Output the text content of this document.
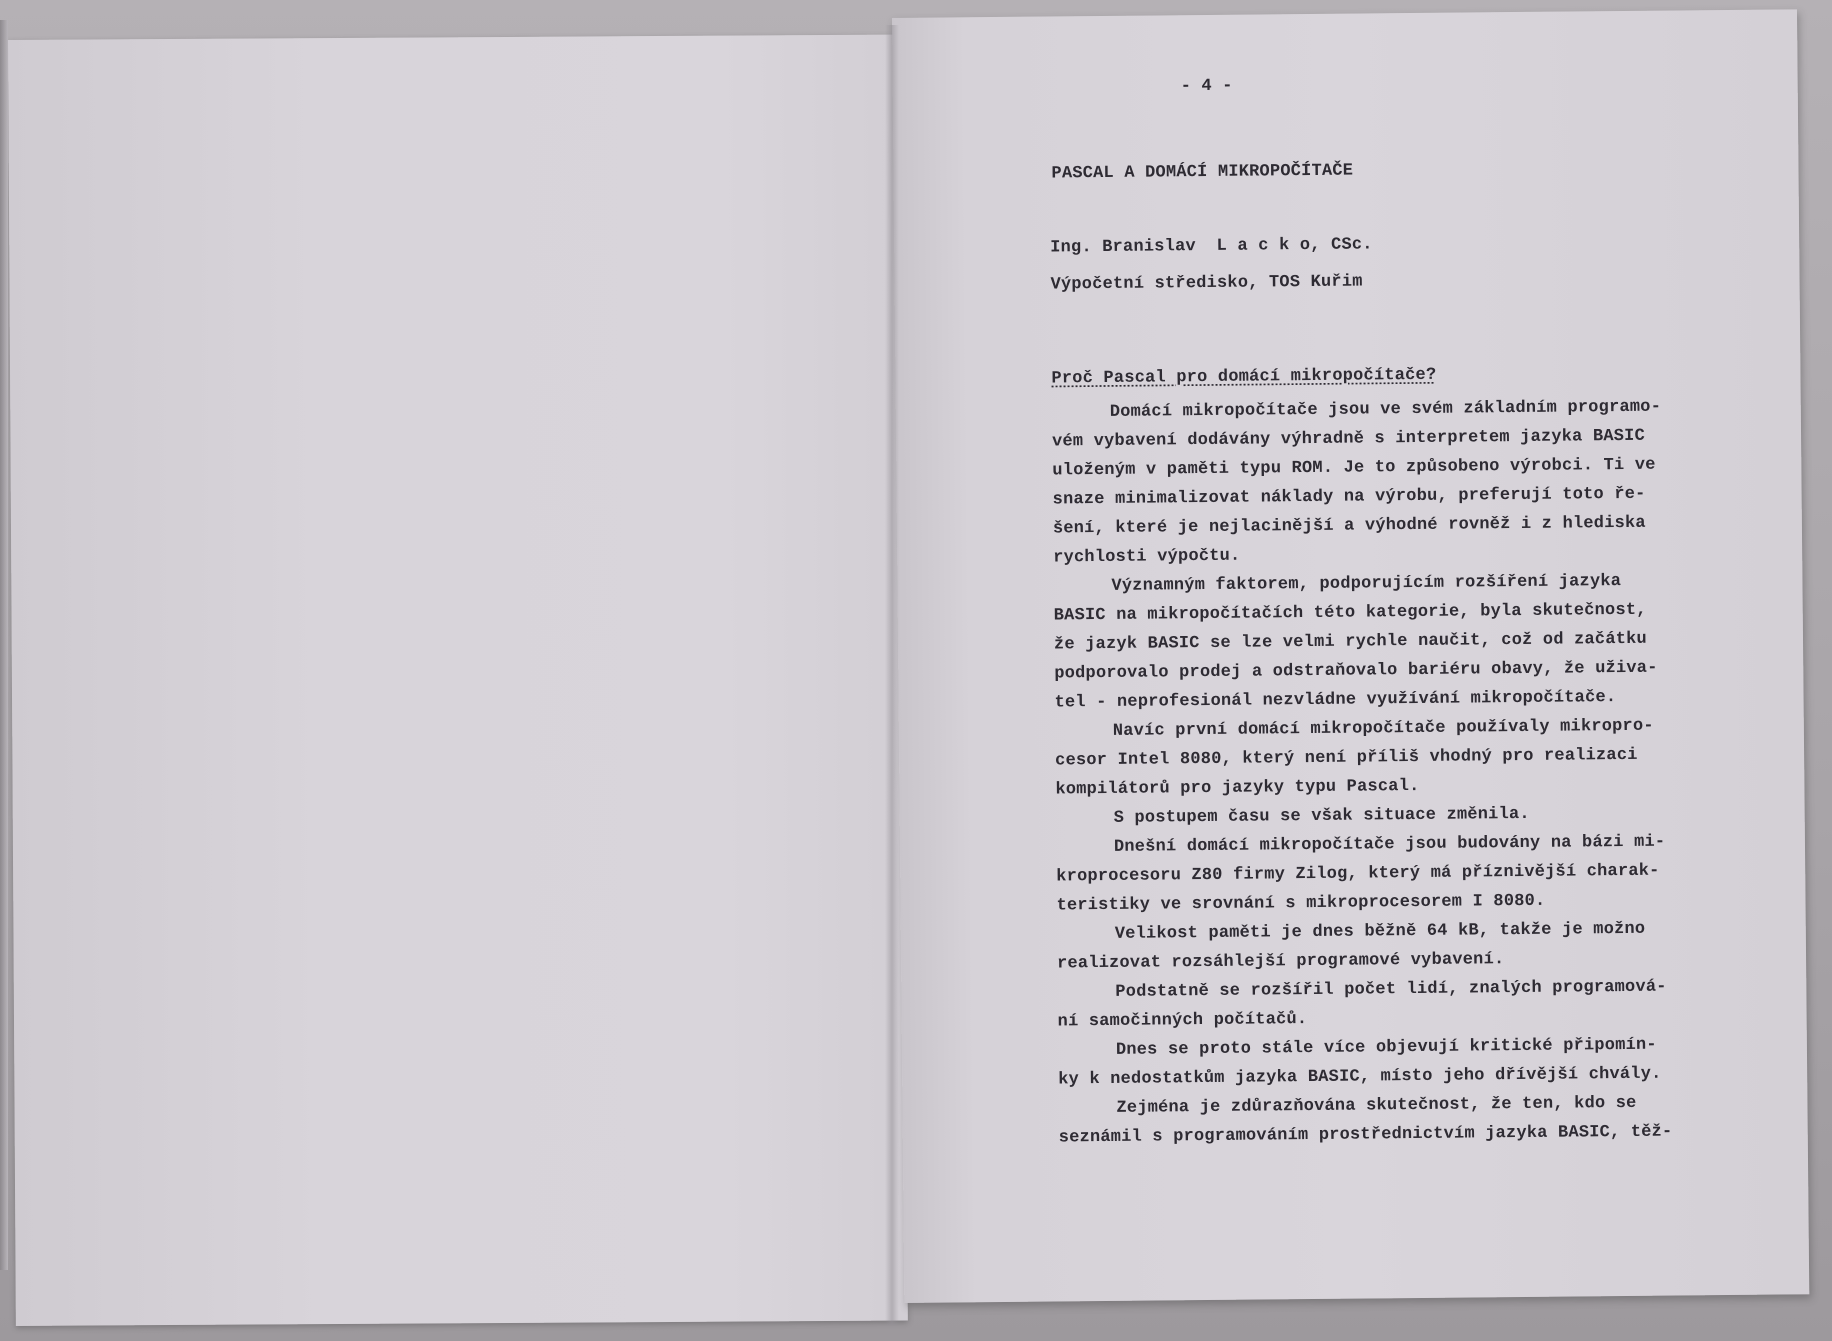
- 4 -
PASCAL A DOMÁCÍ MIKROPOČÍTAČE
Ing. Branislav  L a c k o, CSc.
Výpočetní středisko, TOS Kuřim
Proč Pascal pro domácí mikropočítače?
Domácí mikropočítače jsou ve svém základním programo-
vém vybavení dodávány výhradně s interpretem jazyka BASIC
uloženým v paměti typu ROM. Je to způsobeno výrobci. Ti ve
snaze minimalizovat náklady na výrobu, preferují toto ře-
šení, které je nejlacinější a výhodné rovněž i z hlediska
rychlosti výpočtu.
Významným faktorem, podporujícím rozšíření jazyka
BASIC na mikropočítačích této kategorie, byla skutečnost,
že jazyk BASIC se lze velmi rychle naučit, což od začátku
podporovalo prodej a odstraňovalo bariéru obavy, že uživa-
tel - neprofesionál nezvládne využívání mikropočítače.
Navíc první domácí mikropočítače používaly mikropro-
cesor Intel 8080, který není příliš vhodný pro realizaci
kompilátorů pro jazyky typu Pascal.
S postupem času se však situace změnila.
Dnešní domácí mikropočítače jsou budovány na bázi mi-
kroprocesoru Z80 firmy Zilog, který má příznivější charak-
teristiky ve srovnání s mikroprocesorem I 8080.
Velikost paměti je dnes běžně 64 kB, takže je možno
realizovat rozsáhlejší programové vybavení.
Podstatně se rozšířil počet lidí, znalých programová-
ní samočinných počítačů.
Dnes se proto stále více objevují kritické připomín-
ky k nedostatkům jazyka BASIC, místo jeho dřívější chvály.
Zejména je zdůrazňována skutečnost, že ten, kdo se
seznámil s programováním prostřednictvím jazyka BASIC, těž-
